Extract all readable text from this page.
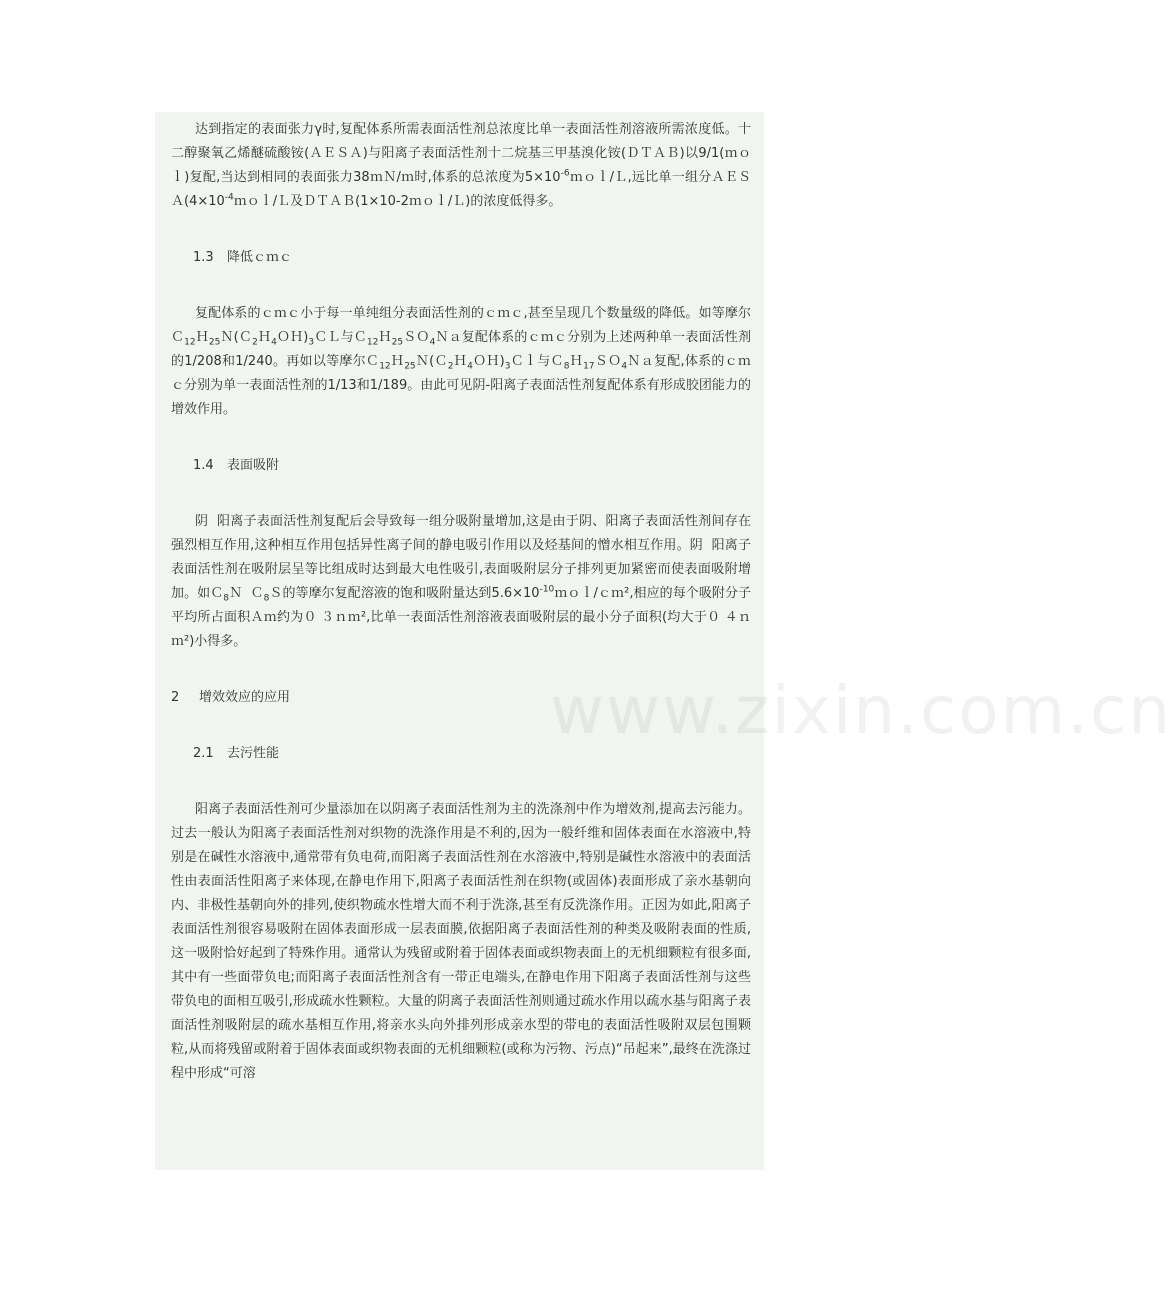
www.zixin.com.cn

达到指定的表面张力γ时,复配体系所需表面活性剂总浓度比单一表面活性剂溶液所需浓度低。十二醇聚氧乙烯醚硫酸铵(ＡＥＳＡ)与阳离子表面活性剂十二烷基三甲基溴化铵(ＤＴＡＢ)以9/1(ｍｏｌ)复配,当达到相同的表面张力38ｍＮ/ｍ时,体系的总浓度为$5\times 10^{-6}mol/L$,远比单一组分$AESA(4\times 10^{-4}mol/L$及ＤＴＡＢ(1×10-2ｍｏｌ/Ｌ)的浓度低得多。

1.3 降低ｃｍｃ

复配体系的ｃｍｃ小于每一单纯组分表面活性剂的ｃｍｃ,甚至呈现几个数量级的降低。如等摩尔$C_{12}H_{25}N(C_2H_4OH)_3CL$与Ｃ$_{12}$Ｈ$_{25}$ＳＯ$_4$Ｎａ复配体系的ｃｍｃ分别为上述两种单一表面活性剂的1/208和1/240。再如以等摩尔$C_{12}H_{25}N(C_2H_4OH)_3Cl$与Ｃ$_8$Ｈ$_{17}$ＳＯ$_4$Ｎａ复配,体系的ｃｍｃ分别为单一表面活性剂的1/13和1/189。由此可见阴-阳离子表面活性剂复配体系有形成胶团能力的增效作用。

1.4 表面吸附

阴  阳离子表面活性剂复配后会导致每一组分吸附量增加,这是由于阴、阳离子表面活性剂间存在强烈相互作用,这种相互作用包括异性离子间的静电吸引作用以及烃基间的憎水相互作用。阴  阳离子表面活性剂在吸附层呈等比组成时达到最大电性吸引,表面吸附层分子排列更加紧密而使表面吸附增加。如Ｃ$_8$Ｎ  Ｃ$_8$Ｓ的等摩尔复配溶液的饱和吸附量达到$5.6\times 10^{-10}mol$/ｃｍ²,相应的每个吸附分子平均所占面积Ａｍ约为０ ３ｎｍ²,比单一表面活性剂溶液表面吸附层的最小分子面积(均大于０ ４ｎｍ²)小得多。

2 增效效应的应用
2.1 去污性能

阳离子表面活性剂可少量添加在以阴离子表面活性剂为主的洗涤剂中作为增效剂,提高去污能力。过去一般认为阳离子表面活性剂对织物的洗涤作用是不利的,因为一般纤维和固体表面在水溶液中,特别是在碱性水溶液中,通常带有负电荷,而阳离子表面活性剂在水溶液中,特别是碱性水溶液中的表面活性由表面活性阳离子来体现,在静电作用下,阳离子表面活性剂在织物(或固体)表面形成了亲水基朝向内、非极性基朝向外的排列,使织物疏水性增大而不利于洗涤,甚至有反洗涤作用。正因为如此,阳离子表面活性剂很容易吸附在固体表面形成一层表面膜,依据阳离子表面活性剂的种类及吸附表面的性质,这一吸附恰好起到了特殊作用。通常认为残留或附着于固体表面或织物表面上的无机细颗粒有很多面,其中有一些面带负电;而阳离子表面活性剂含有一带正电端头,在静电作用下阳离子表面活性剂与这些带负电的面相互吸引,形成疏水性颗粒。大量的阴离子表面活性剂则通过疏水作用以疏水基与阳离子表面活性剂吸附层的疏水基相互作用,将亲水头向外排列形成亲水型的带电的表面活性吸附双层包围颗粒,从而将残留或附着于固体表面或织物表面的无机细颗粒(或称为污物、污点)“吊起来”,最终在洗涤过程中形成“可溶
